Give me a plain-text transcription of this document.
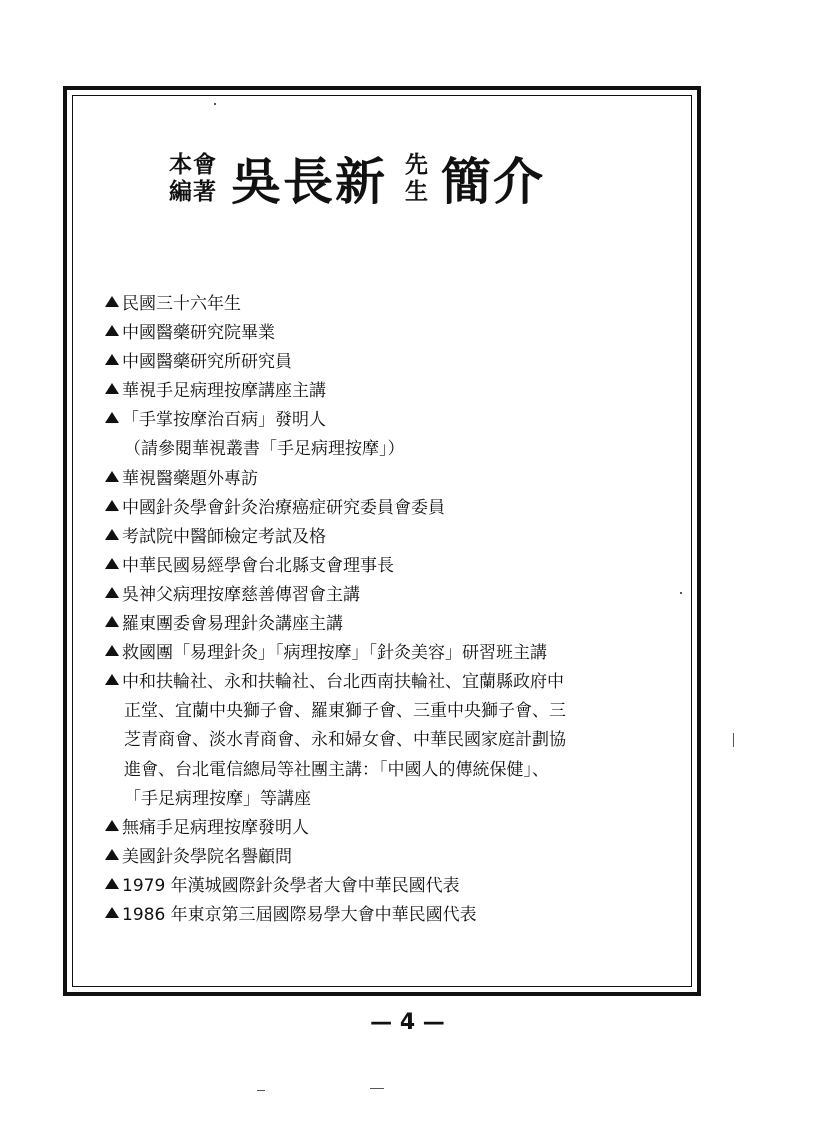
本會
編著 吳長新 先
生 簡介
民國三十六年生
中國醫藥研究院畢業
中國醫藥研究所研究員
華視手足病理按摩講座主講
「手掌按摩治百病」發明人
（請參閱華視叢書「手足病理按摩」）
華視醫藥題外專訪
中國針灸學會針灸治療癌症研究委員會委員
考試院中醫師檢定考試及格
中華民國易經學會台北縣支會理事長
吳神父病理按摩慈善傳習會主講
羅東團委會易理針灸講座主講
救國團「易理針灸」「病理按摩」「針灸美容」研習班主講
中和扶輪社、永和扶輪社、台北西南扶輪社、宜蘭縣政府中
正堂、宜蘭中央獅子會、羅東獅子會、三重中央獅子會、三
芝青商會、淡水青商會、永和婦女會、中華民國家庭計劃協
進會、台北電信總局等社團主講：「中國人的傳統保健」、
「手足病理按摩」等講座
無痛手足病理按摩發明人
美國針灸學院名譽顧問
1979 年漢城國際針灸學者大會中華民國代表
1986 年東京第三屆國際易學大會中華民國代表
— 4 —
